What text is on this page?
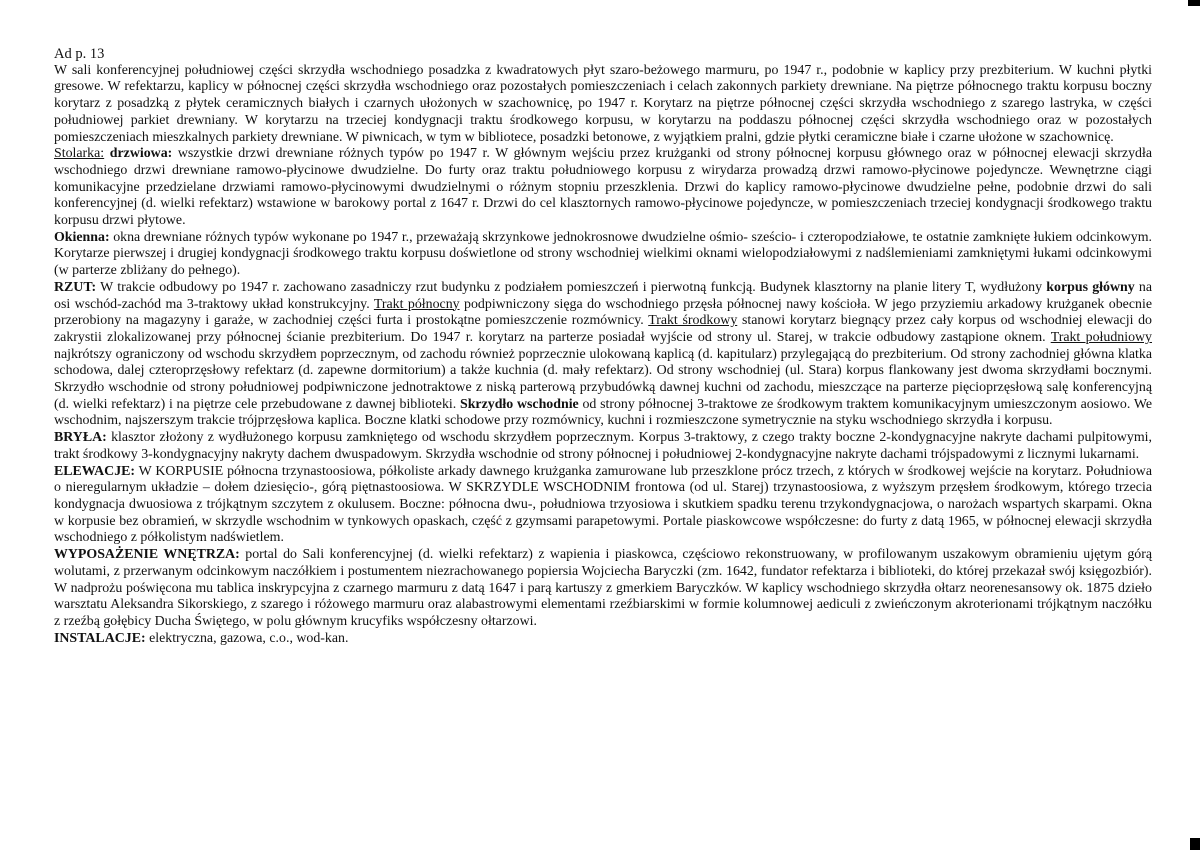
Ad p. 13

W sali konferencyjnej południowej części skrzydła wschodniego posadzka z kwadratowych płyt szaro-beżowego marmuru, po 1947 r., podobnie w kaplicy przy prezbiterium. W kuchni płytki gresowe. W refektarzu, kaplicy w północnej części skrzydła wschodniego oraz pozostałych pomieszczeniach i celach zakonnych parkiety drewniane. Na piętrze północnego traktu korpusu boczny korytarz z posadzką z płytek ceramicznych białych i czarnych ułożonych w szachownicę, po 1947 r. Korytarz na piętrze północnej części skrzydła wschodniego z szarego lastryka, w części południowej parkiet drewniany. W korytarzu na trzeciej kondygnacji traktu środkowego korpusu, w korytarzu na poddaszu północnej części skrzydła wschodniego oraz w pozostałych pomieszczeniach mieszkalnych parkiety drewniane. W piwnicach, w tym w bibliotece, posadzki betonowe, z wyjątkiem pralni, gdzie płytki ceramiczne białe i czarne ułożone w szachownicę.

Stolarka: drzwiowa: wszystkie drzwi drewniane różnych typów po 1947 r. W głównym wejściu przez krużganki od strony północnej korpusu głównego oraz w północnej elewacji skrzydła wschodniego drzwi drewniane ramowo-płycinowe dwudzielne. Do furty oraz traktu południowego korpusu z wirydarza prowadzą drzwi ramowo-płycinowe pojedyncze. Wewnętrzne ciągi komunikacyjne przedzielane drzwiami ramowo-płycinowymi dwudzielnymi o różnym stopniu przeszklenia. Drzwi do kaplicy ramowo-płycinowe dwudzielne pełne, podobnie drzwi do sali konferencyjnej (d. wielki refektarz) wstawione w barokowy portal z 1647 r. Drzwi do cel klasztornych ramowo-płycinowe pojedyncze, w pomieszczeniach trzeciej kondygnacji środkowego traktu korpusu drzwi płytowe.

Okienna: okna drewniane różnych typów wykonane po 1947 r., przeważają skrzynkowe jednokrosnowe dwudzielne ośmio- sześcio- i czteropodziałowe, te ostatnie zamknięte łukiem odcinkowym. Korytarze pierwszej i drugiej kondygnacji środkowego traktu korpusu doświetlone od strony wschodniej wielkimi oknami wielopodziałowymi z nadślemieniami zamkniętymi łukami odcinkowymi (w parterze zbliżany do pełnego).

RZUT: W trakcie odbudowy po 1947 r. zachowano zasadniczy rzut budynku z podziałem pomieszczeń i pierwotną funkcją. Budynek klasztorny na planie litery T, wydłużony korpus główny na osi wschód-zachód ma 3-traktowy układ konstrukcyjny. Trakt północny podpiwniczony sięga do wschodniego przęsła północnej nawy kościoła. W jego przyziemiu arkadowy krużganek obecnie przerobiony na magazyny i garaże, w zachodniej części furta i prostokątne pomieszczenie rozmównicy. Trakt środkowy stanowi korytarz biegnący przez cały korpus od wschodniej elewacji do zakrystii zlokalizowanej przy północnej ścianie prezbiterium. Do 1947 r. korytarz na parterze posiadał wyjście od strony ul. Starej, w trakcie odbudowy zastąpione oknem. Trakt południowy najkrótszy ograniczony od wschodu skrzydłem poprzecznym, od zachodu również poprzecznie ulokowaną kaplicą (d. kapitularz) przylegającą do prezbiterium. Od strony zachodniej główna klatka schodowa, dalej czteroprzęsłowy refektarz (d. zapewne dormitorium) a także kuchnia (d. mały refektarz). Od strony wschodniej (ul. Stara) korpus flankowany jest dwoma skrzydłami bocznymi. Skrzydło wschodnie od strony południowej podpiwniczone jednotraktowe z niską parterową przybudówką dawnej kuchni od zachodu, mieszczące na parterze pięcioprzęsłową salę konferencyjną (d. wielki refektarz) i na piętrze cele przebudowane z dawnej biblioteki. Skrzydło wschodnie od strony północnej 3-traktowe ze środkowym traktem komunikacyjnym umieszczonym aosiowo. We wschodnim, najszerszym trakcie trójprzęsłowa kaplica. Boczne klatki schodowe przy rozmównicy, kuchni i rozmieszczone symetrycznie na styku wschodniego skrzydła i korpusu.

BRYŁA: klasztor złożony z wydłużonego korpusu zamkniętego od wschodu skrzydłem poprzecznym. Korpus 3-traktowy, z czego trakty boczne 2-kondygnacyjne nakryte dachami pulpitowymi, trakt środkowy 3-kondygnacyjny nakryty dachem dwuspadowym. Skrzydła wschodnie od strony północnej i południowej 2-kondygnacyjne nakryte dachami trójspadowymi z licznymi lukarnami.

ELEWACJE: W KORPUSIE północna trzynastoosiowa, półkoliste arkady dawnego krużganka zamurowane lub przeszklone prócz trzech, z których w środkowej wejście na korytarz. Południowa o nieregularnym układzie – dołem dziesięcio-, górą piętnastoosiowa. W SKRZYDLE WSCHODNIM frontowa (od ul. Starej) trzynastoosiowa, z wyższym przęsłem środkowym, którego trzecia kondygnacja dwuosiowa z trójkątnym szczytem z okulusem. Boczne: północna dwu-, południowa trzyosiowa i skutkiem spadku terenu trzykondygnacjowa, o narożach wspartych skarpami. Okna w korpusie bez obramień, w skrzydle wschodnim w tynkowych opaskach, część z gzymsami parapetowymi. Portale piaskowcowe współczesne: do furty z datą 1965, w północnej elewacji skrzydła wschodniego z półkolistym nadświetlem.

WYPOSAŻENIE WNĘTRZA: portal do Sali konferencyjnej (d. wielki refektarz) z wapienia i piaskowca, częściowo rekonstruowany, w profilowanym uszakowym obramieniu ujętym górą wolutami, z przerwanym odcinkowym naczółkiem i postumentem niezrachowanego popiersia Wojciecha Baryczki (zm. 1642, fundator refektarza i biblioteki, do której przekazał swój księgozbiór). W nadprożu poświęcona mu tablica inskrypcyjna z czarnego marmuru z datą 1647 i parą kartuszy z gmerkiem Baryczków. W kaplicy wschodniego skrzydła ołtarz neorenesansowy ok. 1875 dzieło warsztatu Aleksandra Sikorskiego, z szarego i różowego marmuru oraz alabastrowymi elementami rzeźbiarskimi w formie kolumnowej aediculi z zwieńczonym akroterionami trójkątnym naczółku z rzeźbą gołębicy Ducha Świętego, w polu głównym krucyfiks współczesny ołtarzowi.

INSTALACJE: elektryczna, gazowa, c.o., wod-kan.
